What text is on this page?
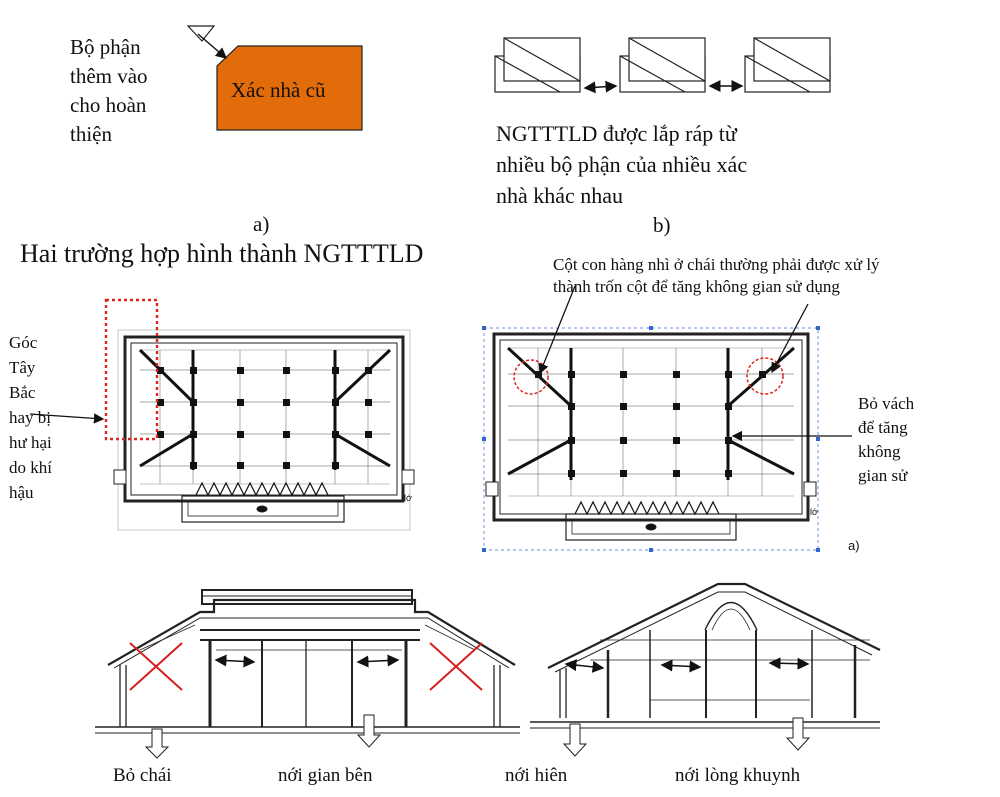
Bộ phận
thêm vào
cho hoàn
thiện
Xác nhà cũ
a)
NGTTTLD được lắp ráp từ
nhiều bộ phận của nhiều xác
nhà khác nhau
b)
Hai trường hợp hình thành NGTTTLD	Cột con hàng nhì ở chái thường phải được xử lý
thành trốn cột để tăng không gian sử dụng
Góc
Tây
Bắc
hay bị
hư hại
do khí
hậu
Bỏ vách
để tăng
không
gian sử
a)
lớ
lớ
Bỏ chái	nới gian bên	nới hiên	nới lòng khuynh
